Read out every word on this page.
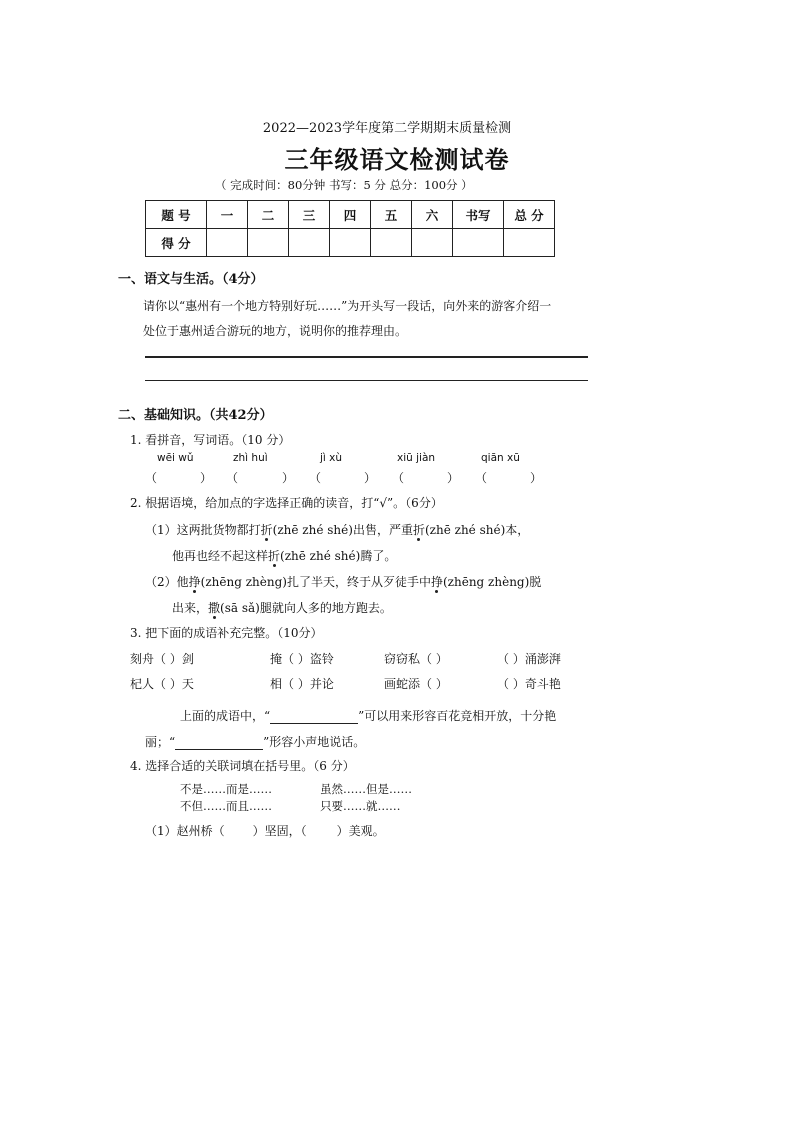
2022—2023学年度第二学期期末质量检测
三年级语文检测试卷
（ 完成时间：80分钟 书写：5 分 总分：100分 ）
题 号	一	二	三	四	五	六	书写	总 分
得 分								
一、语文与生活。（4分）
请你以“惠州有一个地方特别好玩……”为开头写一段话，向外来的游客介绍一
处位于惠州适合游玩的地方，说明你的推荐理由。
二、基础知识。（共42分）
1. 看拼音，写词语。（10 分）
wēi wǔ	zhì huì	jì xù	xiū jiàn	qiān xū
（	） （	） （	） （	） （	）
2. 根据语境，给加点的字选择正确的读音，打“√”。（6分）
（1）这两批货物都打折(zhē zhé shé)出售，严重折(zhē zhé shé)本，
他再也经不起这样折(zhē zhé shé)腾了。
（2）他挣(zhēng zhèng)扎了半天，终于从歹徒手中挣(zhēng zhèng)脱
出来，撒(sā sǎ)腿就向人多的地方跑去。
3. 把下面的成语补充完整。（10分）
刻舟（ ）剑	掩（ ）盗铃	窃窃私（ ）	（ ）涌澎湃
杞人（ ）天	相（ ）并论	画蛇添（ ）	（ ）奇斗艳
上面的成语中，“	”可以用来形容百花竞相开放，十分艳
丽；“	”形容小声地说话。
4. 选择合适的关联词填在括号里。（6 分）
不是……而是……	虽然……但是……
不但……而且……	只要……就……
（1）赵州桥（ ）坚固，（	）美观。
